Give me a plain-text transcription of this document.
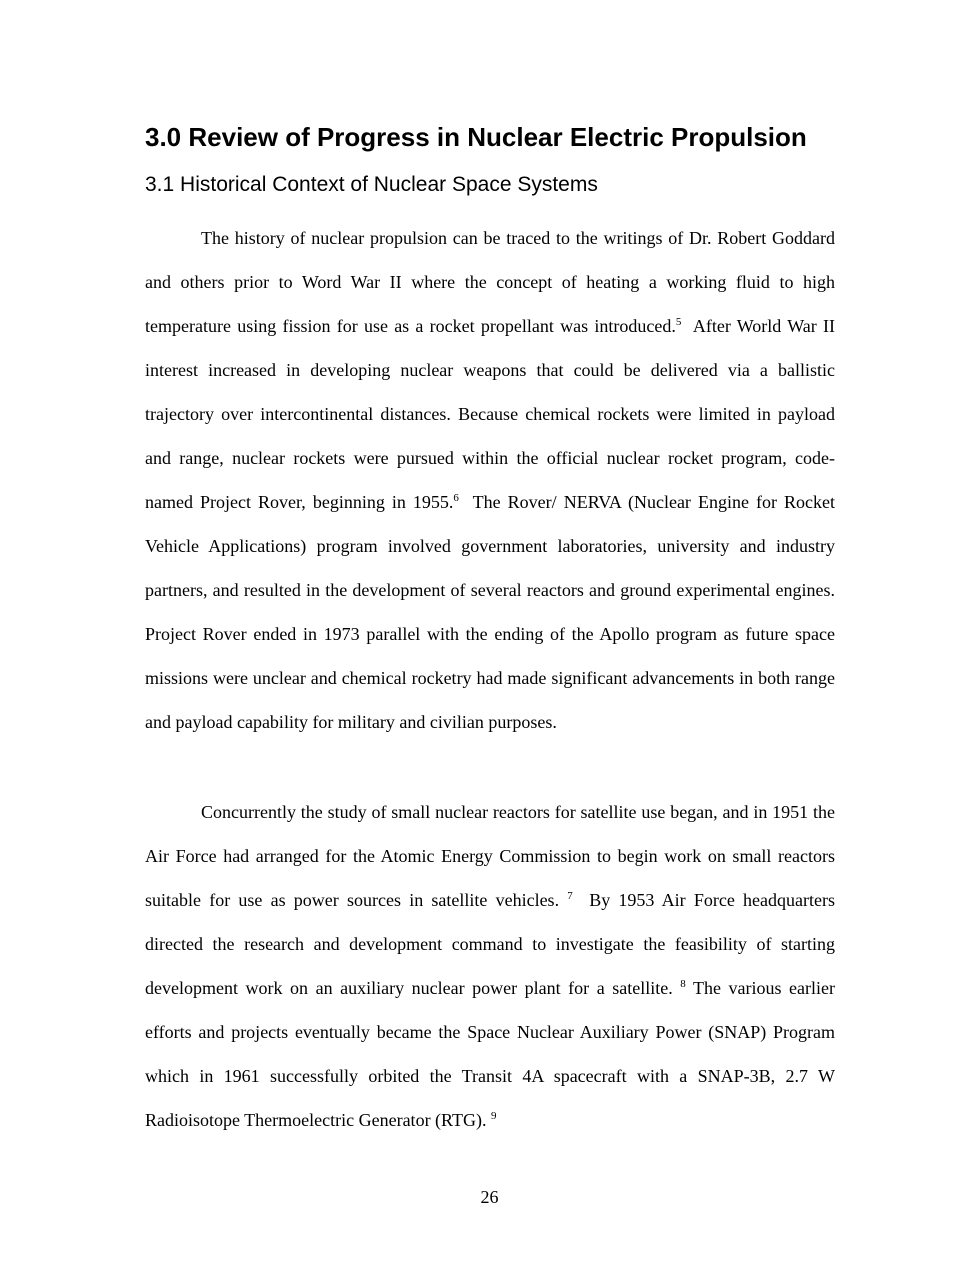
3.0 Review of Progress in Nuclear Electric Propulsion
3.1 Historical Context of Nuclear Space Systems

The history of nuclear propulsion can be traced to the writings of Dr. Robert Goddard and others prior to Word War II where the concept of heating a working fluid to high temperature using fission for use as a rocket propellant was introduced.$^5$ After World War II interest increased in developing nuclear weapons that could be delivered via a ballistic trajectory over intercontinental distances. Because chemical rockets were limited in payload and range, nuclear rockets were pursued within the official nuclear rocket program, code-named Project Rover, beginning in 1955.$^6$ The Rover/ NERVA (Nuclear Engine for Rocket Vehicle Applications) program involved government laboratories, university and industry partners, and resulted in the development of several reactors and ground experimental engines. Project Rover ended in 1973 parallel with the ending of the Apollo program as future space missions were unclear and chemical rocketry had made significant advancements in both range and payload capability for military and civilian purposes.

Concurrently the study of small nuclear reactors for satellite use began, and in 1951 the Air Force had arranged for the Atomic Energy Commission to begin work on small reactors suitable for use as power sources in satellite vehicles. $^7$ By 1953 Air Force headquarters directed the research and development command to investigate the feasibility of starting development work on an auxiliary nuclear power plant for a satellite. $^8$ The various earlier efforts and projects eventually became the Space Nuclear Auxiliary Power (SNAP) Program which in 1961 successfully orbited the Transit 4A spacecraft with a SNAP-3B, 2.7 W Radioisotope Thermoelectric Generator (RTG). $^9$

26
